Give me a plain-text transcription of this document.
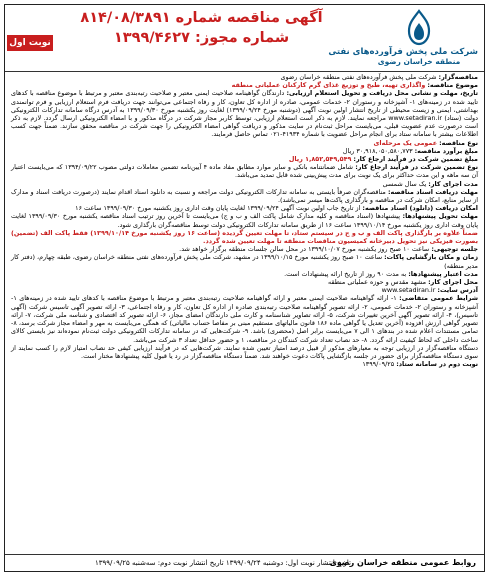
شرکت ملی پخش فرآورده‌های نفتی
منطقه خراسان رضوی
آگهی مناقصه شماره ۸۱۴/۰۸/۳۸۹۱
شماره مجوز: ۱۳۹۹/۴۶۲۷
نوبت اول

مناقصه‌گزار: شرکت ملی پخش فرآورده‌های نفتی منطقه خراسان رضوی

موضوع مناقصه: واگذاری تهیه، طبخ و توزیع غذای گرم کارکنان عملیاتی منطقه

تاریخ، مهلت و نشانی محل دریافت و تحویل استعلام ارزیابی: دارندگان گواهینامه صلاحیت ایمنی معتبر و صلاحیت رتبه‌بندی معتبر و مرتبط با موضوع مناقصه با کدهای تایید شده در زمینه‌های ۱- آشپزخانه و رستوران ۲- خدمات عمومی، صادره از اداره کل تعاون، کار و رفاه اجتماعی می‌توانند جهت دریافت فرم استعلام ارزیابی و فرم توانمندی بهداشتی، ایمنی و زیست محیطی از تاریخ انتشار اولین نوبت آگهی (دوشنبه مورخ ۱۳۹۹/۰۹/۲۴) لغایت روز یکشنبه مورخ ۱۳۹۹/۰۹/۳۰ به آدرس درگاه سامانه تدارکات الکترونیکی دولت (ستاد) www.setadiran.ir مراجعه نمایند. لازم به ذکر است استعلام ارزیابی، توسط کاربر مجاز شرکت در درگاه مذکور و با امضاء الکترونیکی ارسال گردد. لازم به ذکر است درصورت عدم عضویت قبلی، می‌بایست مراحل ثبت‌نام در سایت مذکور و دریافت گواهی امضاء الکترونیکی را جهت شرکت در مناقصه محقق سازند. ضمناً جهت کسب اطلاعات بیشتر با سامانه ستاد برای انجام مراحل عضویت با شماره ۴۱۹۳۴-۰۲۱ تماس حاصل فرمایند.

نوع مناقصه: عمومی یک مرحله‌ای

مبلغ برآورد مناقصه: ۳۰,۹۱۸,۰۵۰,۵۸۰,۷۷۳ ریال

مبلغ تضمین شرکت در فرآیند ارجاع کار: ۱,۸۵۲,۵۴۹,۵۴۹ ریال

نوع تضمین شرکت در فرآیند ارجاع کار: شامل ضمانتنامه بانکی و سایر موارد مطابق مفاد ماده ۴ آیین‌نامه تضمین معاملات دولتی مصوب ۱۳۹۴/۰۹/۲۲ که می‌بایست اعتبار آن سه ماهه و این مدت حداکثر برای یک نوبت برای مدت پیش‌بینی شده قابل تمدید می‌باشد.

مدت اجرای کار: یک سال شمسی

مهلت دریافت اسناد مناقصه: مناقصه‌گران صرفاً بایستی به سامانه تدارکات الکترونیکی دولت مراجعه و نسبت به دانلود اسناد اقدام نمایند (درصورت دریافت اسناد و مدارک از سایر منابع، امکان شرکت در مناقصه و بارگذاری پاکت‌ها میسر نمی‌باشد).

امکان دریافت (دانلود) اسناد مناقصه: از تاریخ جاب اولین نوبت آگهی ۱۳۹۹/۰۹/۲۴ لغایت پایان وقت اداری روز یکشنبه مورخ ۱۳۹۹/۰۹/۳۰ ساعت ۱۶

مهلت تحویل پیشنهادها: پیشنهادها (اسناد مناقصه و کلیه مدارک شامل پاکت الف و ب و ج) می‌بایست تا آخرین روز ترتیب اسناد مناقصه یکشنبه مورخ ۱۳۹۹/۰۹/۳۰ لغایت پایان وقت اداری روز یکشنبه مورخ ۱۳۹۹/۱۰/۱۴ ساعت ۱۶ از طریق سامانه تدارکات الکترونیکی دولت توسط مناقصه‌گران بارگذاری شود.

ضمناً علاوه بر بارگذاری پاکت الف و ب و ج در سیستم ستاد، تا مهلت تعیین گردیده (ساعت ۱۶ روز یکشنبه مورخ ۱۳۹۹/۱۰/۱۴) فقط پاکت الف (تضمین) بصورت فیزیکی نیز تحویل دبیرخانه کمیسیون مناقصات منطقه تا مهلت تعیین شده گردد.

جلسه توجیهی: ساعت ۱۰ صبح روز یکشنبه مورخ ۱۳۹۹/۱۰/۰۷ در محل سالن جلسات منطقه برگزار خواهد شد.

زمان و مکان بازگشایی پاکات: ساعت ۱۰ صبح روز یکشنبه مورخ ۱۳۹۹/۱۰/۱۵ در مشهد، شرکت ملی پخش فرآورده‌های نفتی منطقه خراسان رضوی، طبقه چهارم، (دفتر کار مدیر منطقه)

مدت اعتبار پیشنهادها: به مدت ۹۰ روز از تاریخ ارائه پیشنهادات است.

محل اجرای کار: مشهد مقدس و حوزه عملیاتی منطقه

آدرس سایت: www.setadiran.ir

شرایط عمومی متقاضی: ۱- ارائه گواهینامه صلاحیت ایمنی معتبر و ارائه گواهینامه صلاحیت رتبه‌بندی معتبر و مرتبط با موضوع مناقصه با کدهای تایید شده در زمینه‌های ۱- آشپزخانه و رستوران ۲- خدمات عمومی، ۲- ارائه تصویر گواهینامه صلاحیت رتبه‌بندی صادره از اداره کل تعاون، کار و رفاه اجتماعی، ۳- ارائه تصویر آگهی تاسیس شرکت (آگهی تاسیس)، ۴- ارائه تصویر آگهی آخرین تغییرات شرکت، ۵- ارائه تصاویر شناسنامه و کارت ملی دارندگان امضای مجاز، ۶- ارائه تصویر کد اقتصادی و شناسه ملی شرکت، ۷- ارائه تصویر گواهی ارزش افزوده (آخرین تعدیل یا گواهی ماده ۱۸۶ قانون مالیاتهای مستقیم مبنی بر مفاصا حساب مالیاتی) که همگی می‌بایست به مهر و امضاء مجاز شرکت برسد، ۸- تمامی مستندات اعلام شده در بندهای ۱ الی ۷ می‌بایست برابر اصل (محضری) باشد. ۹- شرکت‌هایی که در سامانه تدارکات الکترونیکی دولت ثبت‌نام نموده‌اند نیز بایستی کالای ساخت داخلی که لحاظ کیفیت ارائه گردد. ۸- حد نصاب تعداد شرکت کنندگان در مناقصه، ۱ و حضور حداقل تعداد ۳ شرکت می‌باشد.

دستگاه مناقصه‌گزار در ارزیابی توجه به معیارهای مذکور از قبیل درصد امتیاز تعیین شده نمایند. شرکت‌هایی که در فرآیند ارزیابی کیفی حد نصاب امتیاز لازم را کسب نمایند از سوی دستگاه مناقصه‌گزار برای حضور در جلسه بازگشایی پاکات دعوت خواهند شد. ضمناً دستگاه مناقصه‌گزار در رد یا قبول کلیه پیشنهادها مختار است.

نوبت دوم در سامانه ستاد: ۱۳۹۹/۰۹/۲۵

روابط عمومی منطقه خراسان رضوی
تاریخ انتشار نوبت اول: دوشنبه ۱۳۹۹/۰۹/۲۴ تاریخ انتشار نوبت دوم: سه‌شنبه ۱۳۹۹/۰۹/۲۵
